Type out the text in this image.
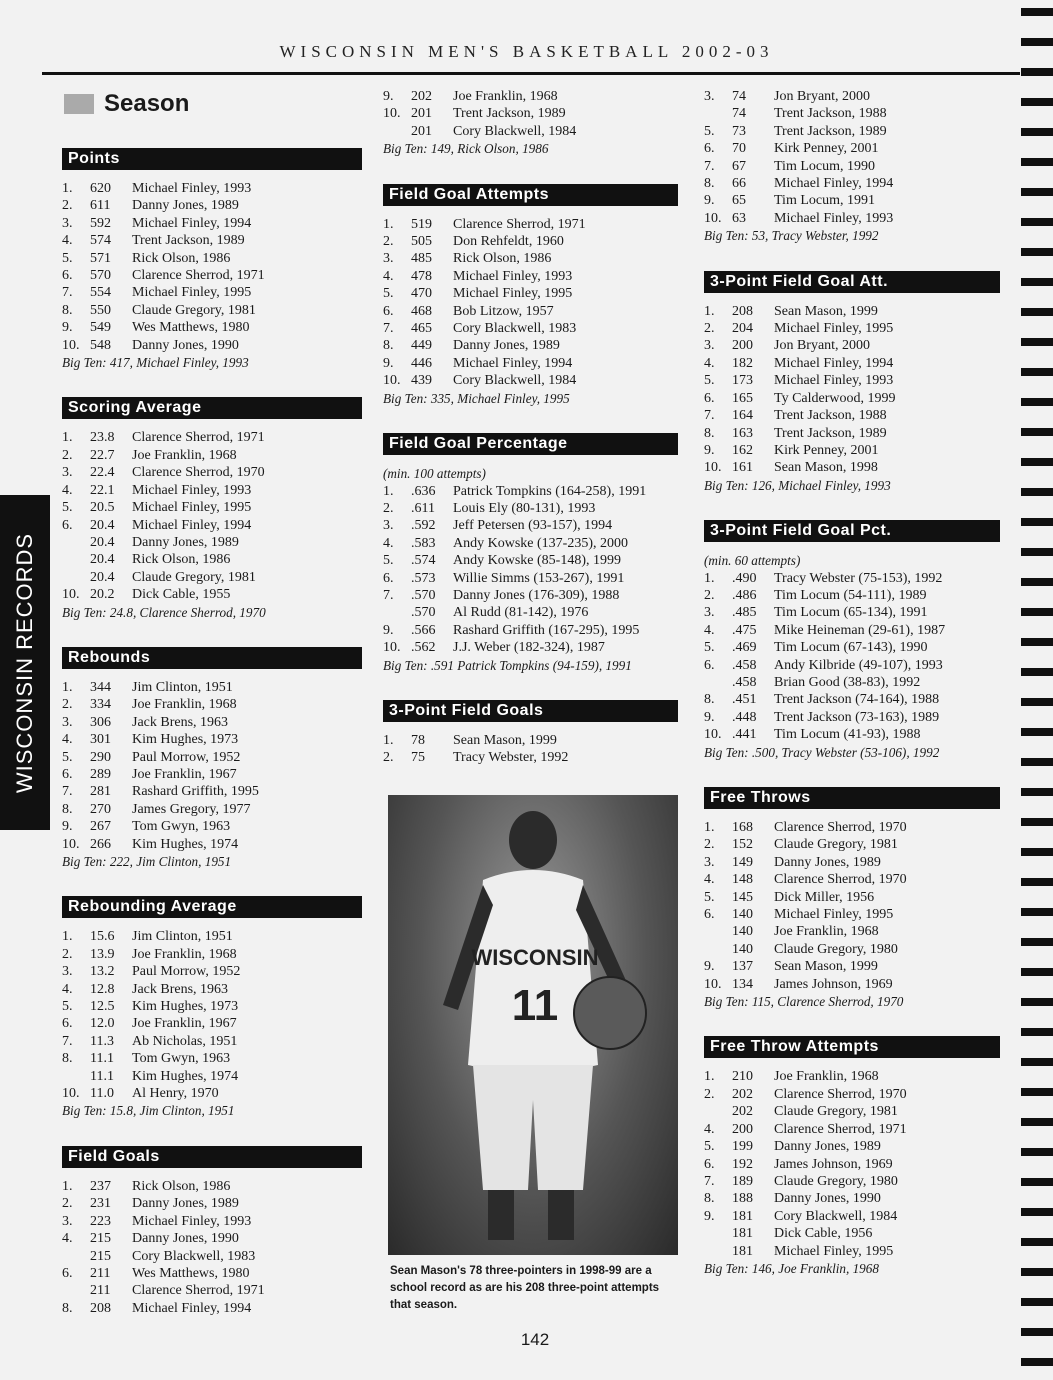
WISCONSIN MEN'S BASKETBALL 2002-03
WISCONSIN RECORDS
Season
Points
1. 620 Michael Finley, 1993
2. 611 Danny Jones, 1989
3. 592 Michael Finley, 1994
4. 574 Trent Jackson, 1989
5. 571 Rick Olson, 1986
6. 570 Clarence Sherrod, 1971
7. 554 Michael Finley, 1995
8. 550 Claude Gregory, 1981
9. 549 Wes Matthews, 1980
10. 548 Danny Jones, 1990
Big Ten: 417, Michael Finley, 1993
Scoring Average
1. 23.8 Clarence Sherrod, 1971
2. 22.7 Joe Franklin, 1968
3. 22.4 Clarence Sherrod, 1970
4. 22.1 Michael Finley, 1993
5. 20.5 Michael Finley, 1995
6. 20.4 Michael Finley, 1994
20.4 Danny Jones, 1989
20.4 Rick Olson, 1986
20.4 Claude Gregory, 1981
10. 20.2 Dick Cable, 1955
Big Ten: 24.8, Clarence Sherrod, 1970
Rebounds
1. 344 Jim Clinton, 1951
2. 334 Joe Franklin, 1968
3. 306 Jack Brens, 1963
4. 301 Kim Hughes, 1973
5. 290 Paul Morrow, 1952
6. 289 Joe Franklin, 1967
7. 281 Rashard Griffith, 1995
8. 270 James Gregory, 1977
9. 267 Tom Gwyn, 1963
10. 266 Kim Hughes, 1974
Big Ten: 222, Jim Clinton, 1951
Rebounding Average
1. 15.6 Jim Clinton, 1951
2. 13.9 Joe Franklin, 1968
3. 13.2 Paul Morrow, 1952
4. 12.8 Jack Brens, 1963
5. 12.5 Kim Hughes, 1973
6. 12.0 Joe Franklin, 1967
7. 11.3 Ab Nicholas, 1951
8. 11.1 Tom Gwyn, 1963
11.1 Kim Hughes, 1974
10. 11.0 Al Henry, 1970
Big Ten: 15.8, Jim Clinton, 1951
Field Goals
1. 237 Rick Olson, 1986
2. 231 Danny Jones, 1989
3. 223 Michael Finley, 1993
4. 215 Danny Jones, 1990
215 Cory Blackwell, 1983
6. 211 Wes Matthews, 1980
211 Clarence Sherrod, 1971
8. 208 Michael Finley, 1994
9. 202 Joe Franklin, 1968
10. 201 Trent Jackson, 1989
201 Cory Blackwell, 1984
Big Ten: 149, Rick Olson, 1986
Field Goal Attempts
1. 519 Clarence Sherrod, 1971
2. 505 Don Rehfeldt, 1960
3. 485 Rick Olson, 1986
4. 478 Michael Finley, 1993
5. 470 Michael Finley, 1995
6. 468 Bob Litzow, 1957
7. 465 Cory Blackwell, 1983
8. 449 Danny Jones, 1989
9. 446 Michael Finley, 1994
10. 439 Cory Blackwell, 1984
Big Ten: 335, Michael Finley, 1995
Field Goal Percentage
(min. 100 attempts)
1. .636 Patrick Tompkins (164-258), 1991
2. .611 Louis Ely (80-131), 1993
3. .592 Jeff Petersen (93-157), 1994
4. .583 Andy Kowske (137-235), 2000
5. .574 Andy Kowske (85-148), 1999
6. .573 Willie Simms (153-267), 1991
7. .570 Danny Jones (176-309), 1988
.570 Al Rudd (81-142), 1976
9. .566 Rashard Griffith (167-295), 1995
10. .562 J.J. Weber (182-324), 1987
Big Ten: .591 Patrick Tompkins (94-159), 1991
3-Point Field Goals
1. 78 Sean Mason, 1999
2. 75 Tracy Webster, 1992
3. 74 Jon Bryant, 2000
74 Trent Jackson, 1988
5. 73 Trent Jackson, 1989
6. 70 Kirk Penney, 2001
7. 67 Tim Locum, 1990
8. 66 Michael Finley, 1994
9. 65 Tim Locum, 1991
10. 63 Michael Finley, 1993
Big Ten: 53, Tracy Webster, 1992
3-Point Field Goal Att.
1. 208 Sean Mason, 1999
2. 204 Michael Finley, 1995
3. 200 Jon Bryant, 2000
4. 182 Michael Finley, 1994
5. 173 Michael Finley, 1993
6. 165 Ty Calderwood, 1999
7. 164 Trent Jackson, 1988
8. 163 Trent Jackson, 1989
9. 162 Kirk Penney, 2001
10. 161 Sean Mason, 1998
Big Ten: 126, Michael Finley, 1993
3-Point Field Goal Pct.
(min. 60 attempts)
1. .490 Tracy Webster (75-153), 1992
2. .486 Tim Locum (54-111), 1989
3. .485 Tim Locum (65-134), 1991
4. .475 Mike Heineman (29-61), 1987
5. .469 Tim Locum (67-143), 1990
6. .458 Andy Kilbride (49-107), 1993
.458 Brian Good (38-83), 1992
8. .451 Trent Jackson (74-164), 1988
9. .448 Trent Jackson (73-163), 1989
10. .441 Tim Locum (41-93), 1988
Big Ten: .500, Tracy Webster (53-106), 1992
Free Throws
1. 168 Clarence Sherrod, 1970
2. 152 Claude Gregory, 1981
3. 149 Danny Jones, 1989
4. 148 Clarence Sherrod, 1970
5. 145 Dick Miller, 1956
6. 140 Michael Finley, 1995
140 Joe Franklin, 1968
140 Claude Gregory, 1980
9. 137 Sean Mason, 1999
10. 134 James Johnson, 1969
Big Ten: 115, Clarence Sherrod, 1970
Free Throw Attempts
1. 210 Joe Franklin, 1968
2. 202 Clarence Sherrod, 1970
202 Claude Gregory, 1981
4. 200 Clarence Sherrod, 1971
5. 199 Danny Jones, 1989
6. 192 James Johnson, 1969
7. 189 Claude Gregory, 1980
8. 188 Danny Jones, 1990
9. 181 Cory Blackwell, 1984
181 Dick Cable, 1956
181 Michael Finley, 1995
Big Ten: 146, Joe Franklin, 1968
WISCONSIN
11
Sean Mason's 78 three-pointers in 1998-99 are a school record as are his 208 three-point attempts that season.
142
